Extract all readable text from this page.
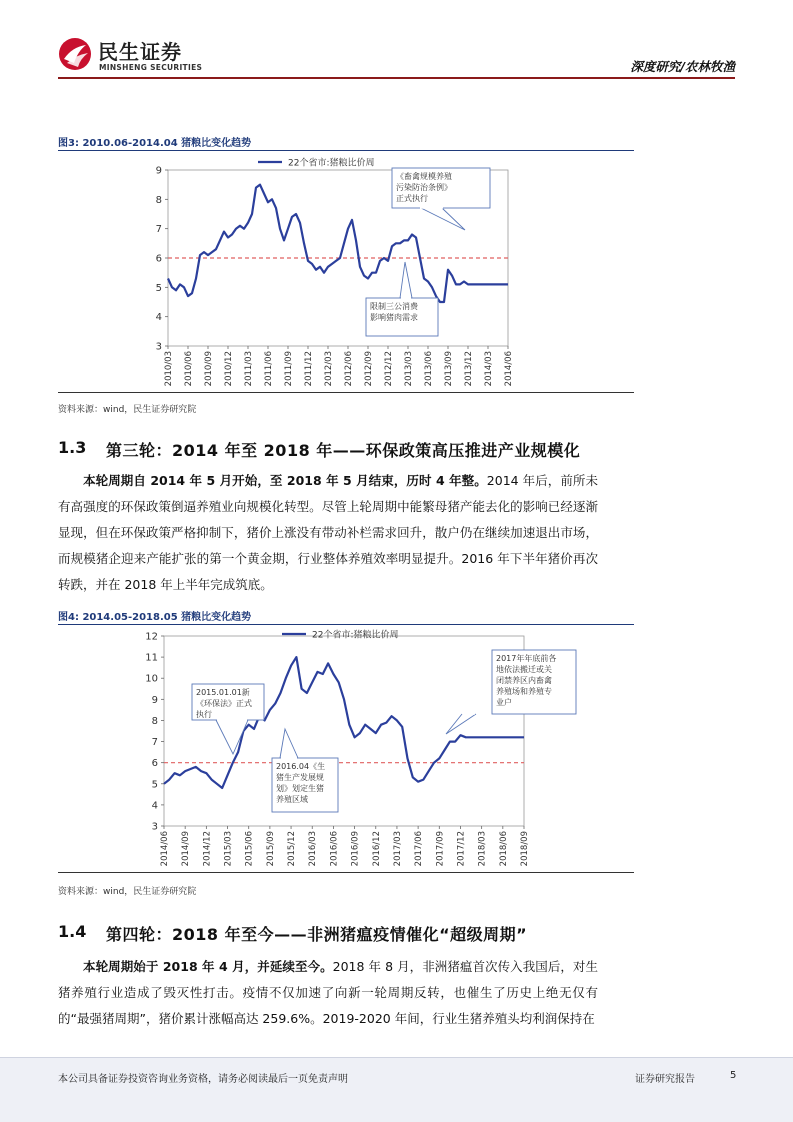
民生证券
MINSHENG SECURITIES	深度研究/农林牧渔
图3: 2010.06-2014.04 猪粮比变化趋势
3
4
5
6
7
8
9
2010/03 2010/06 2010/09 2010/12 2011/03 2011/06 2011/09 2011/12 2012/03 2012/06 2012/09 2012/12 2013/03 2013/06 2013/09 2013/12 2014/03 2014/06
22个省市:猪粮比价周
《畜禽规模养殖
污染防治条例》
正式执行
限制三公消费
影响猪肉需求
资料来源：wind，民生证券研究院
1.3 第三轮：2014 年至 2018 年——环保政策高压推进产业规模化
本轮周期自 2014 年 5 月开始，至 2018 年 5 月结束，历时 4 年整。2014 年后，前所未有高强度的环保政策倒逼养殖业向规模化转型。尽管上轮周期中能繁母猪产能去化的影响已经逐渐显现，但在环保政策严格抑制下，猪价上涨没有带动补栏需求回升，散户仍在继续加速退出市场，而规模猪企迎来产能扩张的第一个黄金期，行业整体养殖效率明显提升。2016 年下半年猪价再次转跌，并在 2018 年上半年完成筑底。
图4: 2014.05-2018.05 猪粮比变化趋势
3
4
5
6
7
8
9
10
11
12
2014/06 2014/09 2014/12 2015/03 2015/06 2015/09 2015/12 2016/03 2016/06 2016/09 2016/12 2017/03 2017/06 2017/09 2017/12 2018/03 2018/06 2018/09
22个省市:猪粮比价周
2015.01.01新
《环保法》正式
执行
2016.04《生
猪生产发展规
划》划定生猪
养殖区域
2017年年底前各
地依法搬迁或关
闭禁养区内畜禽
养殖场和养殖专
业户
资料来源：wind，民生证券研究院
1.4 第四轮：2018 年至今——非洲猪瘟疫情催化“超级周期”
本轮周期始于 2018 年 4 月，并延续至今。2018 年 8 月，非洲猪瘟首次传入我国后，对生猪养殖行业造成了毁灭性打击。疫情不仅加速了向新一轮周期反转，也催生了历史上绝无仅有的“最强猪周期”，猪价累计涨幅高达 259.6%。2019-2020 年间，行业生猪养殖头均利润保持在
本公司具备证券投资咨询业务资格，请务必阅读最后一页免责声明	证券研究报告	5
